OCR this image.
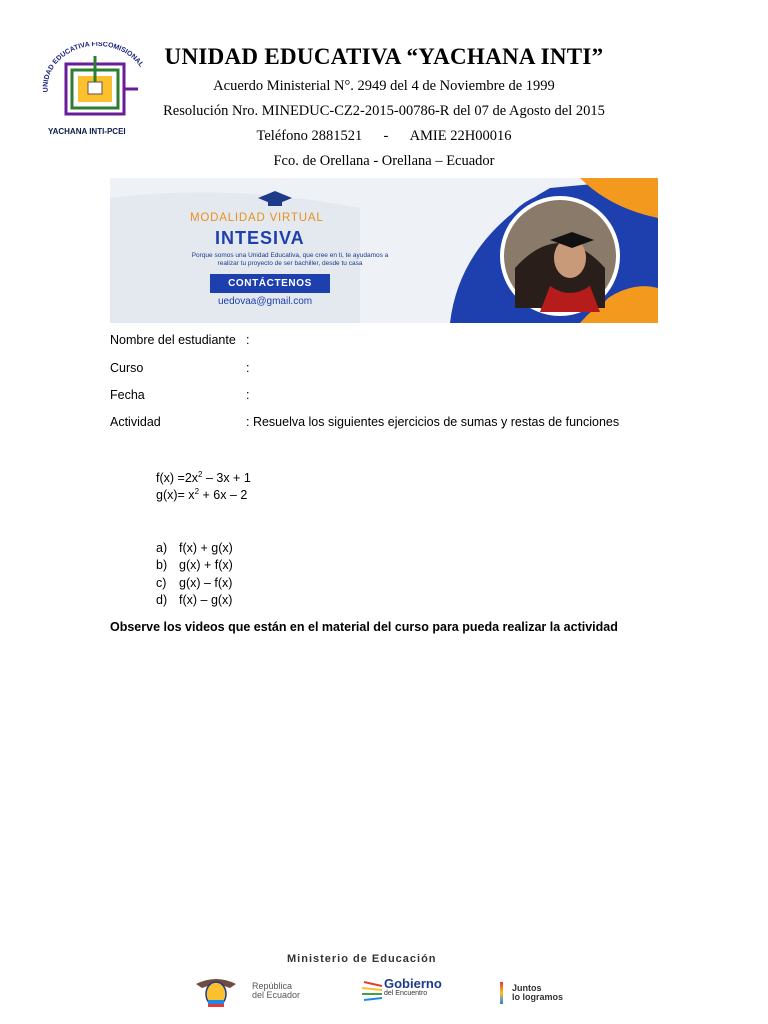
UNIDAD EDUCATIVA FISCOMISIONAL
YACHANA INTI-PCEI
UNIDAD EDUCATIVA “YACHANA INTI”
Acuerdo Ministerial N°. 2949 del 4 de Noviembre de 1999
Resolución Nro. MINEDUC-CZ2-2015-00786-R del 07 de Agosto del 2015
Teléfono 2881521 - AMIE 22H00016
Fco. de Orellana - Orellana – Ecuador
MODALIDAD VIRTUAL
INTESIVA
Porque somos una Unidad Educativa, que cree en ti, te ayudamos a
realizar tu proyecto de ser bachiller, desde tu casa
CONTÁCTENOS
uedovaa@gmail.com
Nombre del estudiante :
Curso	:
Fecha	:
Actividad	: Resuelva los siguientes ejercicios de sumas y restas de funciones
$f(x) =2x^2 - 3x + 1$
$g(x)= x^2 + 6x - 2$
a) f(x) + g(x)
b) g(x) + f(x)
c) g(x) – f(x)
d) f(x) – g(x)
Observe los videos que están en el material del curso para pueda realizar la actividad
Ministerio de Educación
República
del Ecuador
Gobierno
del Encuentro
Juntos
lo logramos
